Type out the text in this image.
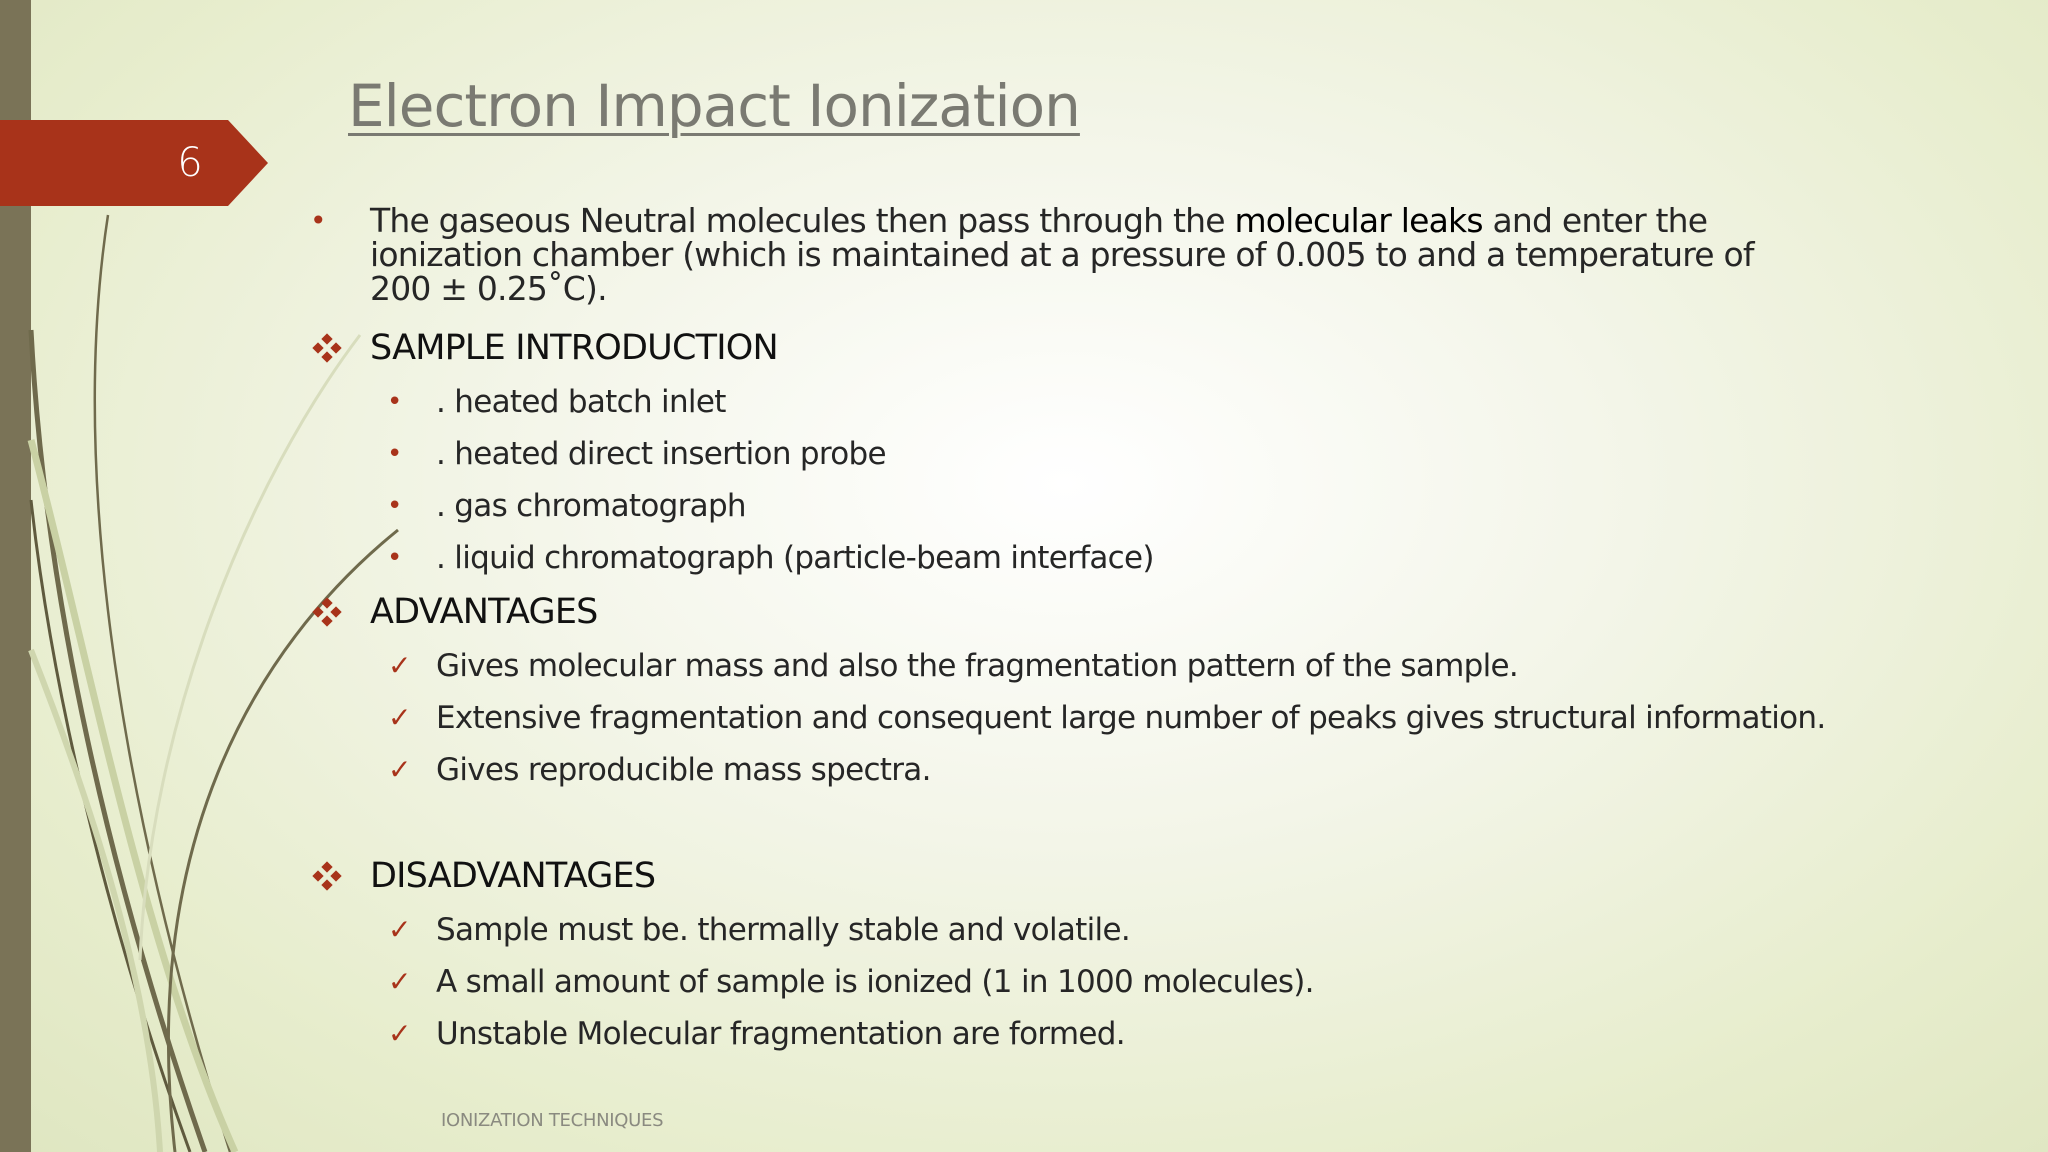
6
Electron Impact Ionization
• The gaseous Neutral molecules then pass through the molecular leaks and enter the ionization chamber (which is maintained at a pressure of 0.005 to and a temperature of 200 ± 0.25˚C).
SAMPLE INTRODUCTION
• . heated batch inlet
• . heated direct insertion probe
• . gas chromatograph
• . liquid chromatograph (particle-beam interface)
ADVANTAGES
✓ Gives molecular mass and also the fragmentation pattern of the sample.
✓ Extensive fragmentation and consequent large number of peaks gives structural information.
✓ Gives reproducible mass spectra.
DISADVANTAGES
✓ Sample must be. thermally stable and volatile.
✓ A small amount of sample is ionized (1 in 1000 molecules).
✓ Unstable Molecular fragmentation are formed.
IONIZATION TECHNIQUES
